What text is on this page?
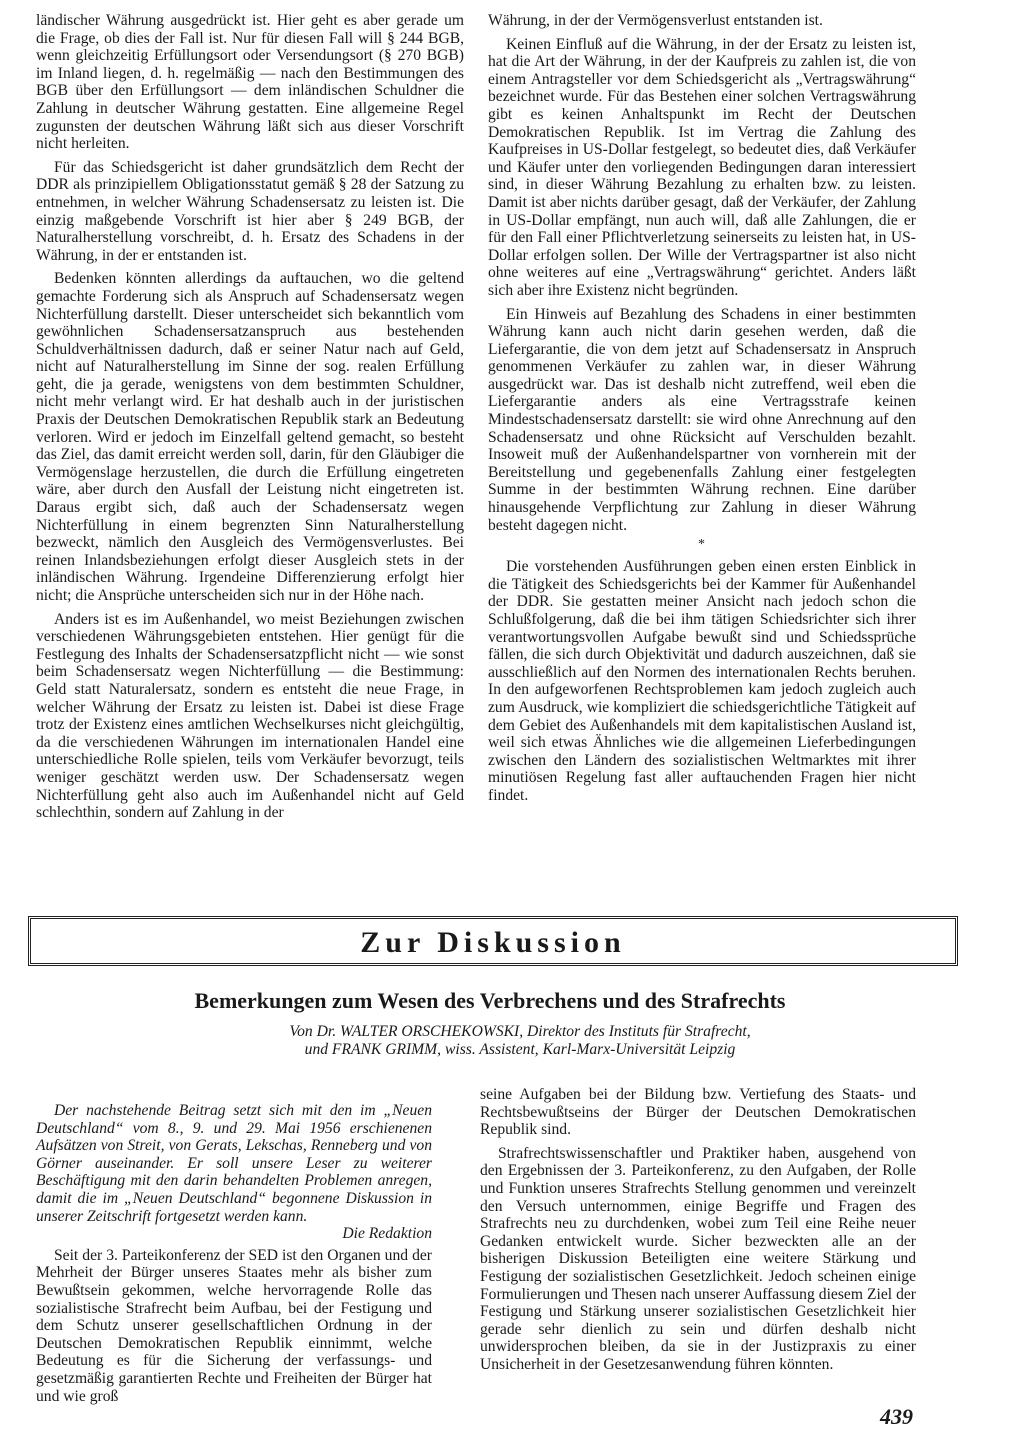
ländischer Währung ausgedrückt ist. Hier geht es aber gerade um die Frage, ob dies der Fall ist. Nur für diesen Fall will § 244 BGB, wenn gleichzeitig Erfüllungsort oder Versendungsort (§ 270 BGB) im Inland liegen, d. h. regelmäßig — nach den Bestimmungen des BGB über den Erfüllungsort — dem inländischen Schuldner die Zahlung in deutscher Währung gestatten. Eine allgemeine Regel zugunsten der deutschen Währung läßt sich aus dieser Vorschrift nicht herleiten.

Für das Schiedsgericht ist daher grundsätzlich dem Recht der DDR als prinzipiellem Obligationsstatut gemäß § 28 der Satzung zu entnehmen, in welcher Währung Schadensersatz zu leisten ist. Die einzig maßgebende Vorschrift ist hier aber § 249 BGB, der Naturalherstellung vorschreibt, d. h. Ersatz des Schadens in der Währung, in der er entstanden ist.

Bedenken könnten allerdings da auftauchen, wo die geltend gemachte Forderung sich als Anspruch auf Schadensersatz wegen Nichterfüllung darstellt. Dieser unterscheidet sich bekanntlich vom gewöhnlichen Schadensersatzanspruch aus bestehenden Schuldverhältnissen dadurch, daß er seiner Natur nach auf Geld, nicht auf Naturalherstellung im Sinne der sog. realen Erfüllung geht, die ja gerade, wenigstens von dem bestimmten Schuldner, nicht mehr verlangt wird. Er hat deshalb auch in der juristischen Praxis der Deutschen Demokratischen Republik stark an Bedeutung verloren. Wird er jedoch im Einzelfall geltend gemacht, so besteht das Ziel, das damit erreicht werden soll, darin, für den Gläubiger die Vermögenslage herzustellen, die durch die Erfüllung eingetreten wäre, aber durch den Ausfall der Leistung nicht eingetreten ist. Daraus ergibt sich, daß auch der Schadensersatz wegen Nichterfüllung in einem begrenzten Sinn Naturalherstellung bezweckt, nämlich den Ausgleich des Vermögensverlustes. Bei reinen Inlandsbeziehungen erfolgt dieser Ausgleich stets in der inländischen Währung. Irgendeine Differenzierung erfolgt hier nicht; die Ansprüche unterscheiden sich nur in der Höhe nach.

Anders ist es im Außenhandel, wo meist Beziehungen zwischen verschiedenen Währungsgebieten entstehen. Hier genügt für die Festlegung des Inhalts der Schadensersatzpflicht nicht — wie sonst beim Schadensersatz wegen Nichterfüllung — die Bestimmung: Geld statt Naturalersatz, sondern es entsteht die neue Frage, in welcher Währung der Ersatz zu leisten ist. Dabei ist diese Frage trotz der Existenz eines amtlichen Wechselkurses nicht gleichgültig, da die verschiedenen Währungen im internationalen Handel eine unterschiedliche Rolle spielen, teils vom Verkäufer bevorzugt, teils weniger geschätzt werden usw. Der Schadensersatz wegen Nichterfüllung geht also auch im Außenhandel nicht auf Geld schlechthin, sondern auf Zahlung in der

Währung, in der der Vermögensverlust entstanden ist.

Keinen Einfluß auf die Währung, in der der Ersatz zu leisten ist, hat die Art der Währung, in der der Kaufpreis zu zahlen ist, die von einem Antragsteller vor dem Schiedsgericht als „Vertragswährung“ bezeichnet wurde. Für das Bestehen einer solchen Vertragswährung gibt es keinen Anhaltspunkt im Recht der Deutschen Demokratischen Republik. Ist im Vertrag die Zahlung des Kaufpreises in US-Dollar festgelegt, so bedeutet dies, daß Verkäufer und Käufer unter den vorliegenden Bedingungen daran interessiert sind, in dieser Währung Bezahlung zu erhalten bzw. zu leisten. Damit ist aber nichts darüber gesagt, daß der Verkäufer, der Zahlung in US-Dollar empfängt, nun auch will, daß alle Zahlungen, die er für den Fall einer Pflichtverletzung seinerseits zu leisten hat, in US-Dollar erfolgen sollen. Der Wille der Vertragspartner ist also nicht ohne weiteres auf eine „Vertragswährung“ gerichtet. Anders läßt sich aber ihre Existenz nicht begründen.

Ein Hinweis auf Bezahlung des Schadens in einer bestimmten Währung kann auch nicht darin gesehen werden, daß die Liefergarantie, die von dem jetzt auf Schadensersatz in Anspruch genommenen Verkäufer zu zahlen war, in dieser Währung ausgedrückt war. Das ist deshalb nicht zutreffend, weil eben die Liefergarantie anders als eine Vertragsstrafe keinen Mindestschadensersatz darstellt: sie wird ohne Anrechnung auf den Schadensersatz und ohne Rücksicht auf Verschulden bezahlt. Insoweit muß der Außenhandelspartner von vornherein mit der Bereitstellung und gegebenenfalls Zahlung einer festgelegten Summe in der bestimmten Währung rechnen. Eine darüber hinausgehende Verpflichtung zur Zahlung in dieser Währung besteht dagegen nicht.

*

Die vorstehenden Ausführungen geben einen ersten Einblick in die Tätigkeit des Schiedsgerichts bei der Kammer für Außenhandel der DDR. Sie gestatten meiner Ansicht nach jedoch schon die Schlußfolgerung, daß die bei ihm tätigen Schiedsrichter sich ihrer verantwortungsvollen Aufgabe bewußt sind und Schiedssprüche fällen, die sich durch Objektivität und dadurch auszeichnen, daß sie ausschließlich auf den Normen des internationalen Rechts beruhen. In den aufgeworfenen Rechtsproblemen kam jedoch zugleich auch zum Ausdruck, wie kompliziert die schiedsgerichtliche Tätigkeit auf dem Gebiet des Außenhandels mit dem kapitalistischen Ausland ist, weil sich etwas Ähnliches wie die allgemeinen Lieferbedingungen zwischen den Ländern des sozialistischen Weltmarktes mit ihrer minutiösen Regelung fast aller auftauchenden Fragen hier nicht findet.

Zur Diskussion
Bemerkungen zum Wesen des Verbrechens und des Strafrechts
Von Dr. WALTER ORSCHEKOWSKI, Direktor des Instituts für Strafrecht,
und FRANK GRIMM, wiss. Assistent, Karl-Marx-Universität Leipzig

Der nachstehende Beitrag setzt sich mit den im „Neuen Deutschland“ vom 8., 9. und 29. Mai 1956 erschienenen Aufsätzen von Streit, von Gerats, Lekschas, Renneberg und von Görner auseinander. Er soll unsere Leser zu weiterer Beschäftigung mit den darin behandelten Problemen anregen, damit die im „Neuen Deutschland“ begonnene Diskussion in unserer Zeitschrift fortgesetzt werden kann.

Die Redaktion

Seit der 3. Parteikonferenz der SED ist den Organen und der Mehrheit der Bürger unseres Staates mehr als bisher zum Bewußtsein gekommen, welche hervorragende Rolle das sozialistische Strafrecht beim Aufbau, bei der Festigung und dem Schutz unserer gesellschaftlichen Ordnung in der Deutschen Demokratischen Republik einnimmt, welche Bedeutung es für die Sicherung der verfassungs- und gesetzmäßig garantierten Rechte und Freiheiten der Bürger hat und wie groß

seine Aufgaben bei der Bildung bzw. Vertiefung des Staats- und Rechtsbewußtseins der Bürger der Deutschen Demokratischen Republik sind.

Strafrechtswissenschaftler und Praktiker haben, ausgehend von den Ergebnissen der 3. Parteikonferenz, zu den Aufgaben, der Rolle und Funktion unseres Strafrechts Stellung genommen und vereinzelt den Versuch unternommen, einige Begriffe und Fragen des Strafrechts neu zu durchdenken, wobei zum Teil eine Reihe neuer Gedanken entwickelt wurde. Sicher bezweckten alle an der bisherigen Diskussion Beteiligten eine weitere Stärkung und Festigung der sozialistischen Gesetzlichkeit. Jedoch scheinen einige Formulierungen und Thesen nach unserer Auffassung diesem Ziel der Festigung und Stärkung unserer sozialistischen Gesetzlichkeit hier gerade sehr dienlich zu sein und dürfen deshalb nicht unwidersprochen bleiben, da sie in der Justizpraxis zu einer Unsicherheit in der Gesetzesanwendung führen könnten.

439
